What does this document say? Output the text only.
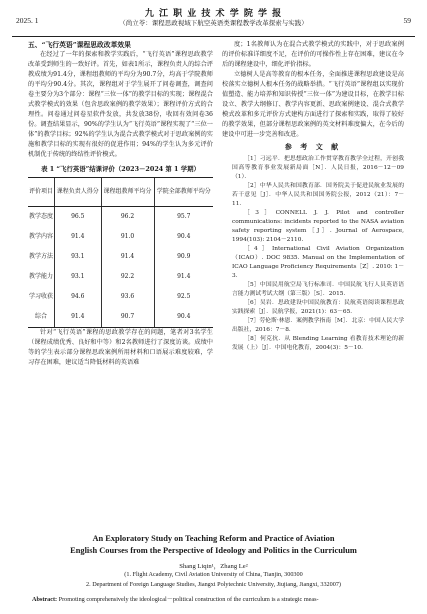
2025. 1
九 江 职 业 技 术 学 院 学 报
（尚立苓：课程思政视域下航空英语类课程教学改革探索与实践）	59

五、“飞行英语”课程思政改革效果

在经过了一年的探索和教学实践后，“飞行英语”课程思政教学改革受到师生的一致好评。首先，如表1所示，课程负责人的综合评教成绩为91.4分，课程组教师的平均分为90.7分，均高于学院教师的平均分90.4分。其次，课程组对于学生展开了问卷调查，调查问卷主要分为3个部分：课程“三位一体”的教学目标的实现；课程混合式教学模式的效果（包含思政案例的教学效果）；课程评价方式的合理性。问卷通过问卷星软件发放，共发放38份，收回有效问卷36份。调查结果显示，90%的学生认为“飞行英语”课程实现了“三位一体”的教学目标；92%的学生认为混合式教学模式对于思政案例的实施和教学目标的实现有很好的促进作用；94%的学生认为多元评价机制优于传统的终结性评价模式。

表 1 “飞行英语”结课评价（2023－2024 第 1 学期）
评价项目	课程负责人得分	课程组教师平均分	学院全部教师平均分
教学态度	96.5	96.2	95.7
教学内容	91.4	91.0	90.4
教学方法	93.1	91.4	90.9
教学能力	93.1	92.2	91.4
学习收获	94.6	93.6	92.5
综合	91.4	90.7	90.4

针对“飞行英语”课程的思政教学存在的问题，笔者对3名学生（课程成绩优秀、良好和中等）和2名教师进行了深度访谈。成绩中等的学生表示部分课程思政案例所用材料和口语展示难度较难，学习存在困难，建议适当降低材料的英语难

度；1名教师认为在混合式教学模式的实践中，对于思政案例的评价标准详细度不足，在评价的可操作性上存在困难，建议在今后的课程建设中，细化评价指标。

立德树人是高等教育的根本任务，全面推进课程思政建设是高校落实立德树人根本任务的战略举措。“飞行英语”课程组以实现价值塑造、能力培养和知识传授“三位一体”为建设目标，在教学目标设立、教学大纲修订、教学内容更新、思政案例建设、混合式教学模式改革和多元评价方式建构方面进行了探索和实践，取得了较好的教学效果，但部分课程思政案例的英文材料难度偏大，在今后的建设中可进一步完善和改进。

参 考 文 献

［1］刁远平．把思想政治工作贯穿教育教学全过程，开创我国高等教育事业发展新局面［N］．人民日报，2016－12－09（1）．

［2］中华人民共和国教育部．国务院关于促进民航业发展的若干意见［J］．中华人民共和国国务院公报，2012（21）：7－11．

［3］CONNELL J. J. Pilot and controller communications: incidents reported to the NASA aviation safety reporting system［J］. Journal of Aerospace, 1994(103): 2104－2110.

［4］International Civil Aviation Organization（ICAO）. DOC 9835. Manual on the Implementation of ICAO Language Proficiency Requirements［Z］. 2010: 1－3.

［5］中国民用航空局飞行标准司．中国民航飞行人员英语语言能力测试考试大纲（第三版）［S］．2015．

［6］吴岩．思政建设中国民航教育：民航英语阅读课程思政实践探索［J］．民航学报，2021(1)：63－65．

［7］劳伦斯·林恩．案例教学指南［M］．北京：中国人民大学出版社，2016：7－8．

［8］何克抗．从 Blending Learning 看教育技术理论的新发展（上）［J］．中国电化教育，2004(3)：5－10．

An Exploratory Study on Teaching Reform and Practice of Aviation
English Courses from the Perspective of Ideology and Politics in the Curriculum
Shang Liqin¹，Zhang Le²
(1. Flight Academy, Civil Aviation University of China, Tianjin, 300300
2. Department of Foreign Language Studies, Jiangxi Polytechnic University, Jiujiang, Jiangxi, 332007)
Abstract: Promoting comprehensively the ideological－political construction of the curriculum is a strategic meas-
